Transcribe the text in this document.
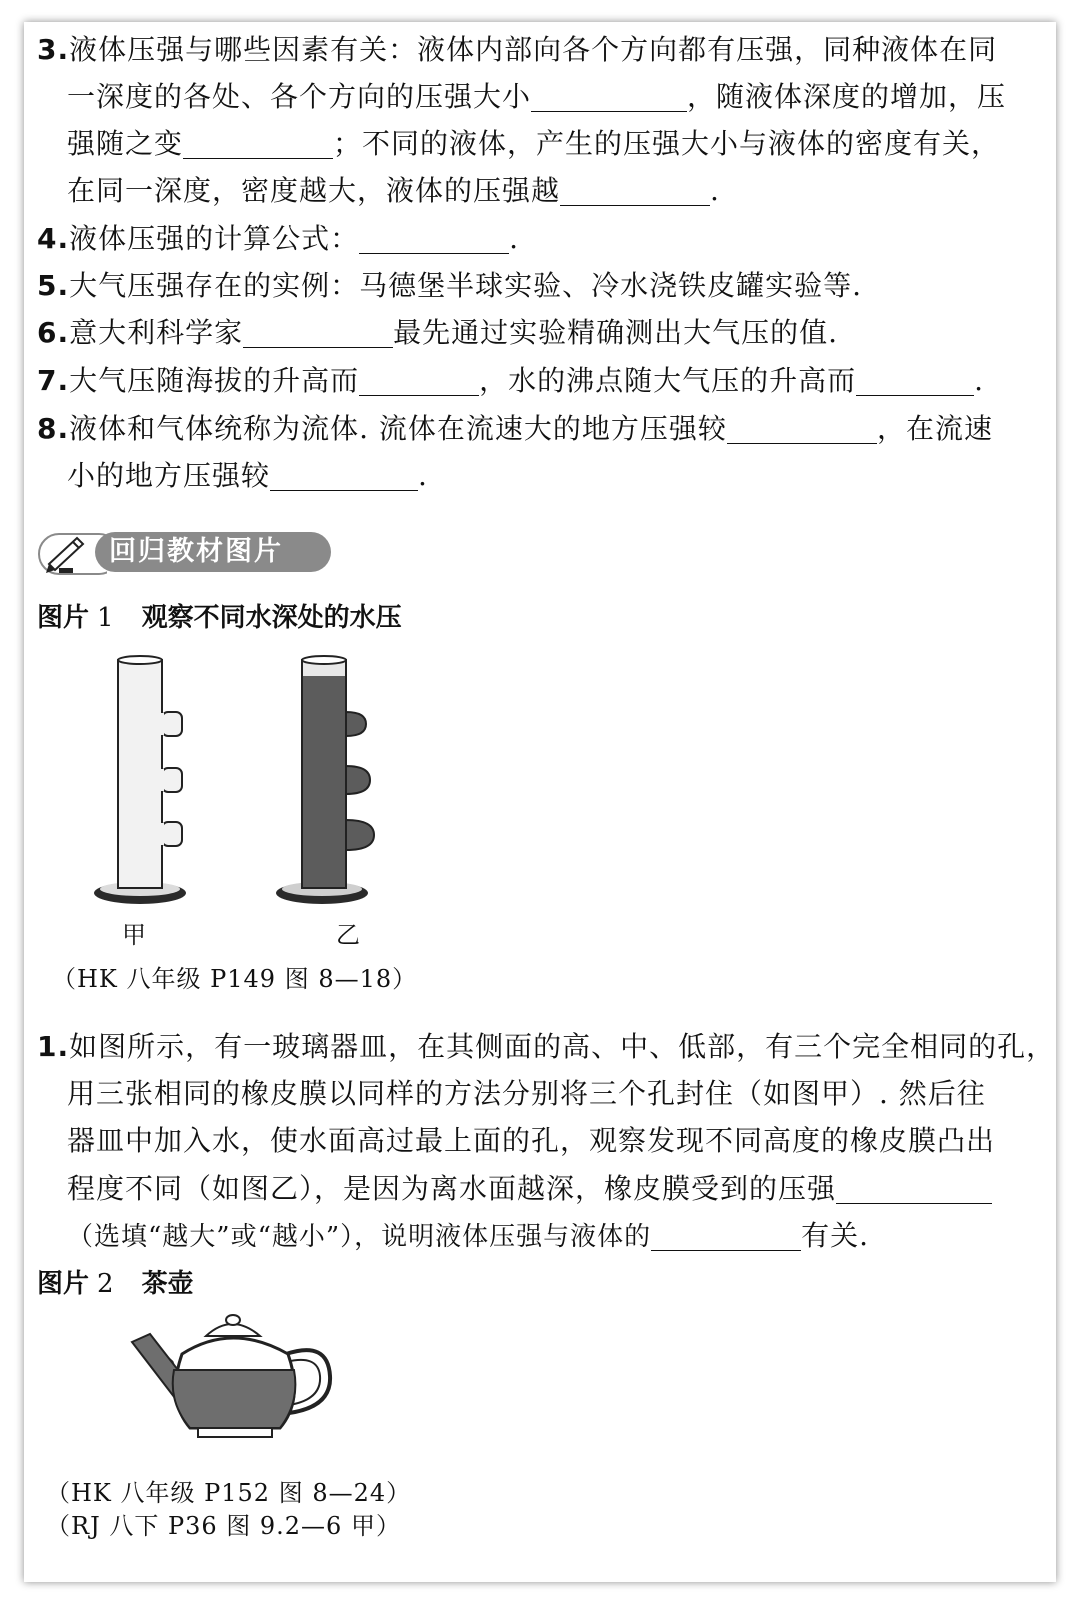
3.液体压强与哪些因素有关：液体内部向各个方向都有压强，同种液体在同
一深度的各处、各个方向的压强大小	，随液体深度的增加，压
强随之变	；不同的液体，产生的压强大小与液体的密度有关，
在同一深度，密度越大，液体的压强越	.
4.液体压强的计算公式：	.
5.大气压强存在的实例：马德堡半球实验、冷水浇铁皮罐实验等.
6.意大利科学家	最先通过实验精确测出大气压的值.
7.大气压随海拔的升高而	，水的沸点随大气压的升高而	.
8.液体和气体统称为流体. 流体在流速大的地方压强较	，在流速
小的地方压强较	.
回归教材图片
图片 1 观察不同水深处的水压
甲	乙
（HK 八年级 P149 图 8—18）
1.如图所示，有一玻璃器皿，在其侧面的高、中、低部，有三个完全相同的孔，
用三张相同的橡皮膜以同样的方法分别将三个孔封住（如图甲）. 然后往
器皿中加入水，使水面高过最上面的孔，观察发现不同高度的橡皮膜凸出
程度不同（如图乙），是因为离水面越深，橡皮膜受到的压强
（选填“越大”或“越小”），说明液体压强与液体的	有关.
图片 2 茶壶
（HK 八年级 P152 图 8—24）
（RJ 八下 P36 图 9.2—6 甲）
